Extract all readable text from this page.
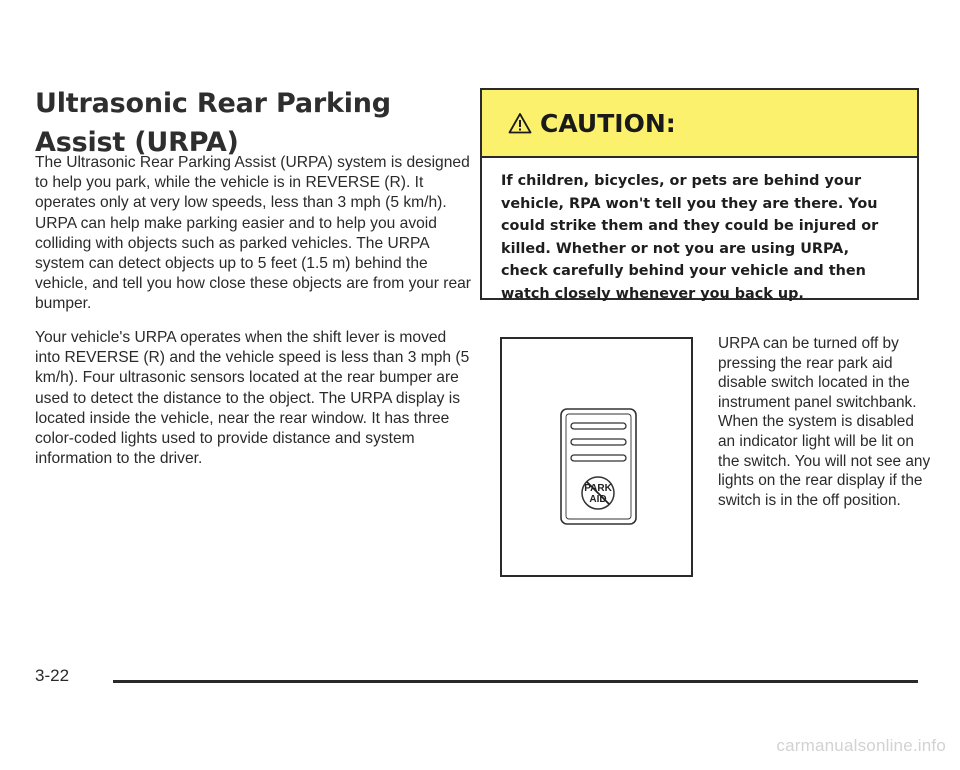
Ultrasonic Rear Parking Assist (URPA)

The Ultrasonic Rear Parking Assist (URPA) system is designed to help you park, while the vehicle is in REVERSE (R). It operates only at very low speeds, less than 3 mph (5 km/h). URPA can help make parking easier and to help you avoid colliding with objects such as parked vehicles. The URPA system can detect objects up to 5 feet (1.5 m) behind the vehicle, and tell you how close these objects are from your rear bumper.

Your vehicle's URPA operates when the shift lever is moved into REVERSE (R) and the vehicle speed is less than 3 mph (5 km/h). Four ultrasonic sensors located at the rear bumper are used to detect the distance to the object. The URPA display is located inside the vehicle, near the rear window. It has three color-coded lights used to provide distance and system information to the driver.

CAUTION:
If children, bicycles, or pets are behind your vehicle, RPA won't tell you they are there. You could strike them and they could be injured or killed. Whether or not you are using URPA, check carefully behind your vehicle and then watch closely whenever you back up.
PARK
AID

URPA can be turned off by pressing the rear park aid disable switch located in the instrument panel switchbank. When the system is disabled an indicator light will be lit on the switch. You will not see any lights on the rear display if the switch is in the off position.

3-22
carmanualsonline.info
